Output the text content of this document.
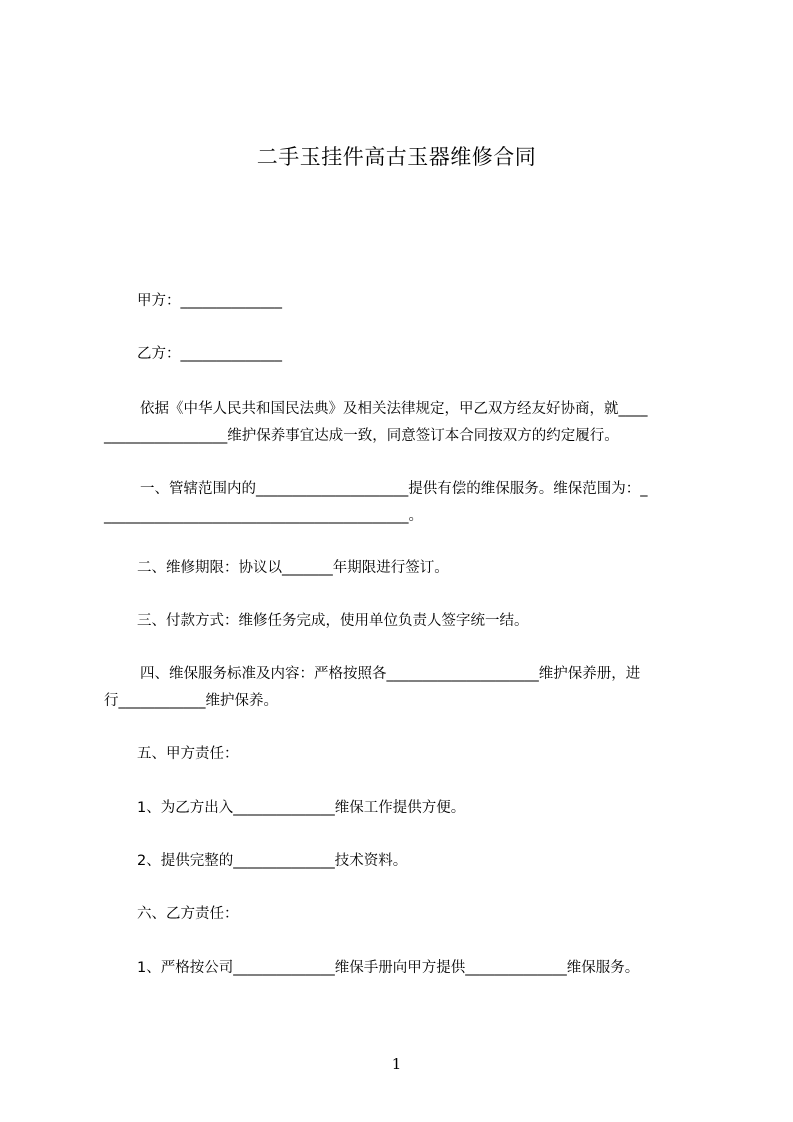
二手玉挂件高古玉器维修合同
甲方：______________
乙方：______________
依据《中华人民共和国民法典》及相关法律规定，甲乙双方经友好协商，就____
_________________维护保养事宜达成一致，同意签订本合同按双方的约定履行。
一、管辖范围内的_____________________提供有偿的维保服务。维保范围为：_
__________________________________________。
二、维修期限：协议以_______年期限进行签订。
三、付款方式：维修任务完成，使用单位负责人签字统一结。
四、维保服务标准及内容：严格按照各_____________________维护保养册，进
行____________维护保养。
五、甲方责任：
1、为乙方出入______________维保工作提供方便。
2、提供完整的______________技术资料。
六、乙方责任：
1、严格按公司______________维保手册向甲方提供______________维保服务。
1
